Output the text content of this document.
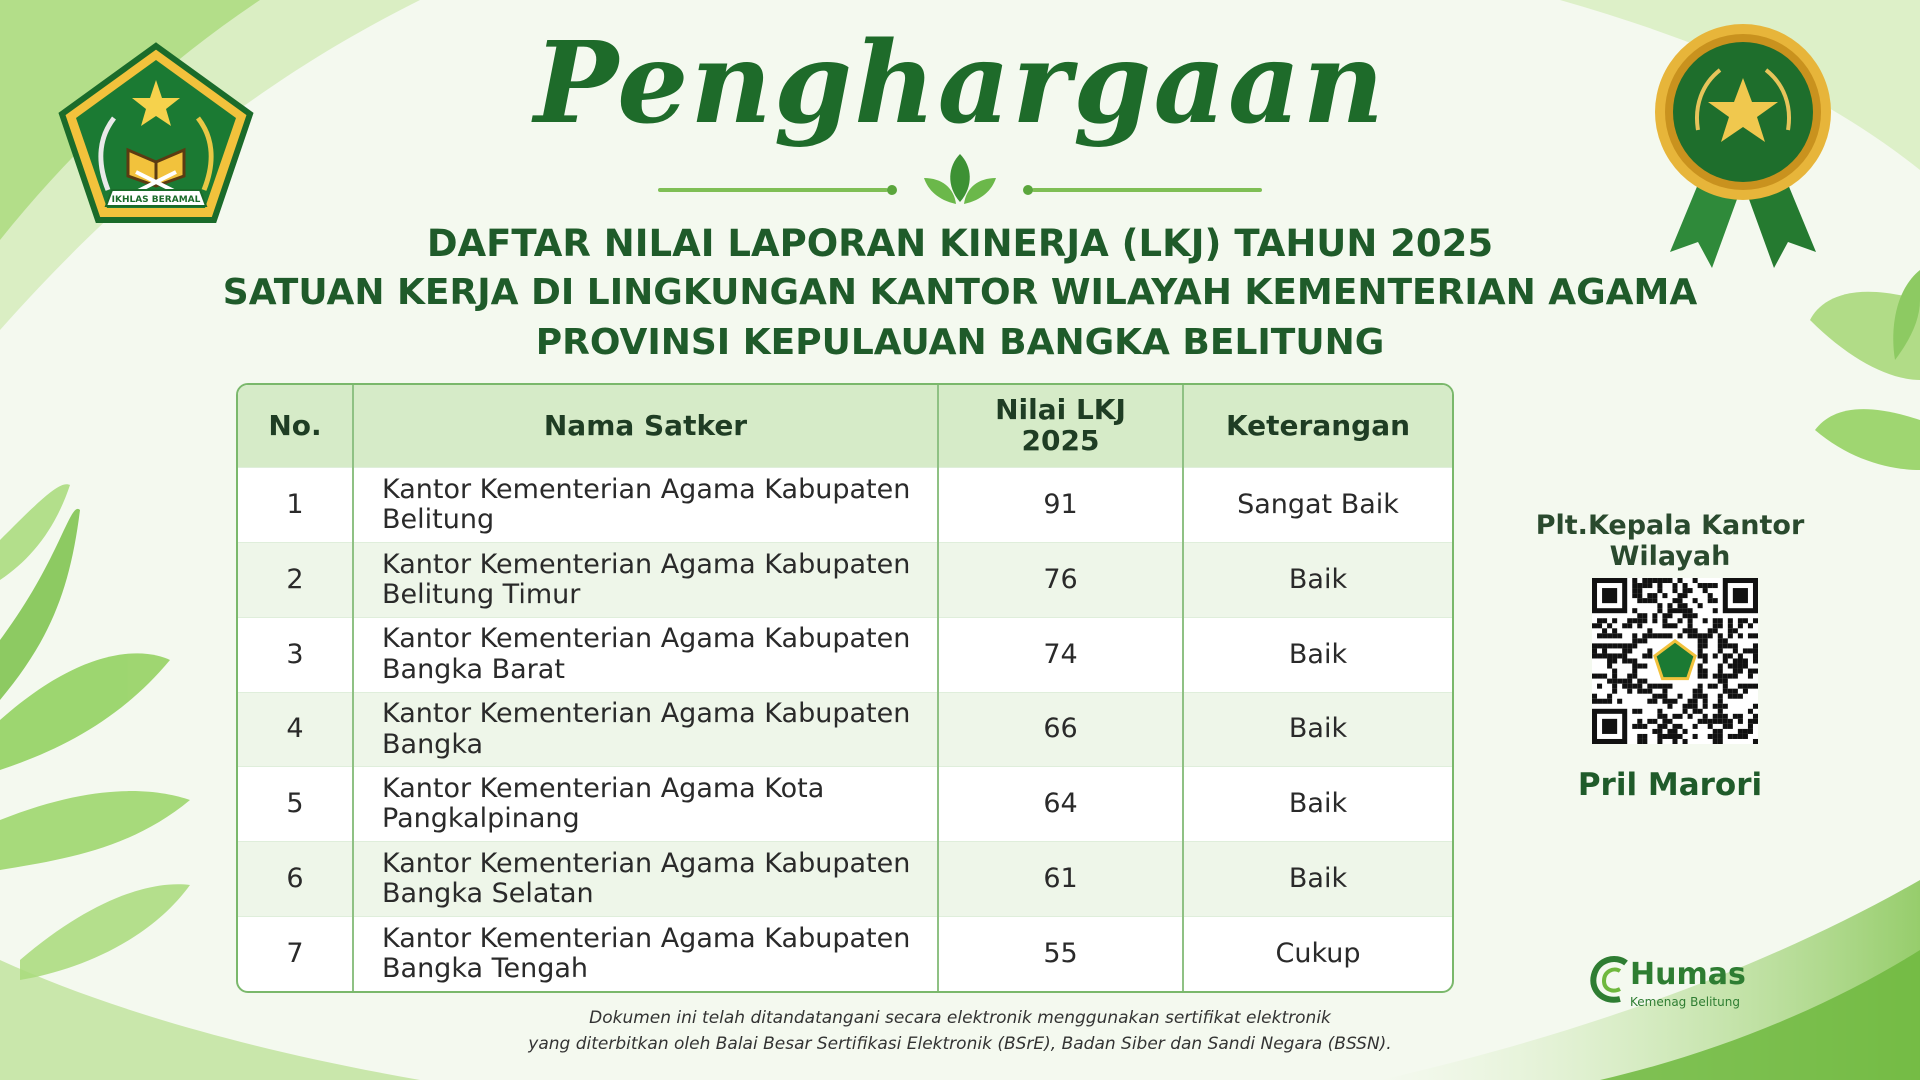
IKHLAS BERAMAL
Penghargaan
DAFTAR NILAI LAPORAN KINERJA (LKJ) TAHUN 2025
SATUAN KERJA DI LINGKUNGAN KANTOR WILAYAH KEMENTERIAN AGAMA
PROVINSI KEPULAUAN BANGKA BELITUNG
No.	Nama Satker	Nilai LKJ 2025	Keterangan
1	Kantor Kementerian Agama Kabupaten Belitung	91	Sangat Baik
2	Kantor Kementerian Agama Kabupaten Belitung Timur	76	Baik
3	Kantor Kementerian Agama Kabupaten Bangka Barat	74	Baik
4	Kantor Kementerian Agama Kabupaten Bangka	66	Baik
5	Kantor Kementerian Agama Kota Pangkalpinang	64	Baik
6	Kantor Kementerian Agama Kabupaten Bangka Selatan	61	Baik
7	Kantor Kementerian Agama Kabupaten Bangka Tengah	55	Cukup
Plt.Kepala Kantor Wilayah
Pril Marori
Dokumen ini telah ditandatangani secara elektronik menggunakan sertifikat elektronik
yang diterbitkan oleh Balai Besar Sertifikasi Elektronik (BSrE), Badan Siber dan Sandi Negara (BSSN).
Humas
Kemenag Belitung
